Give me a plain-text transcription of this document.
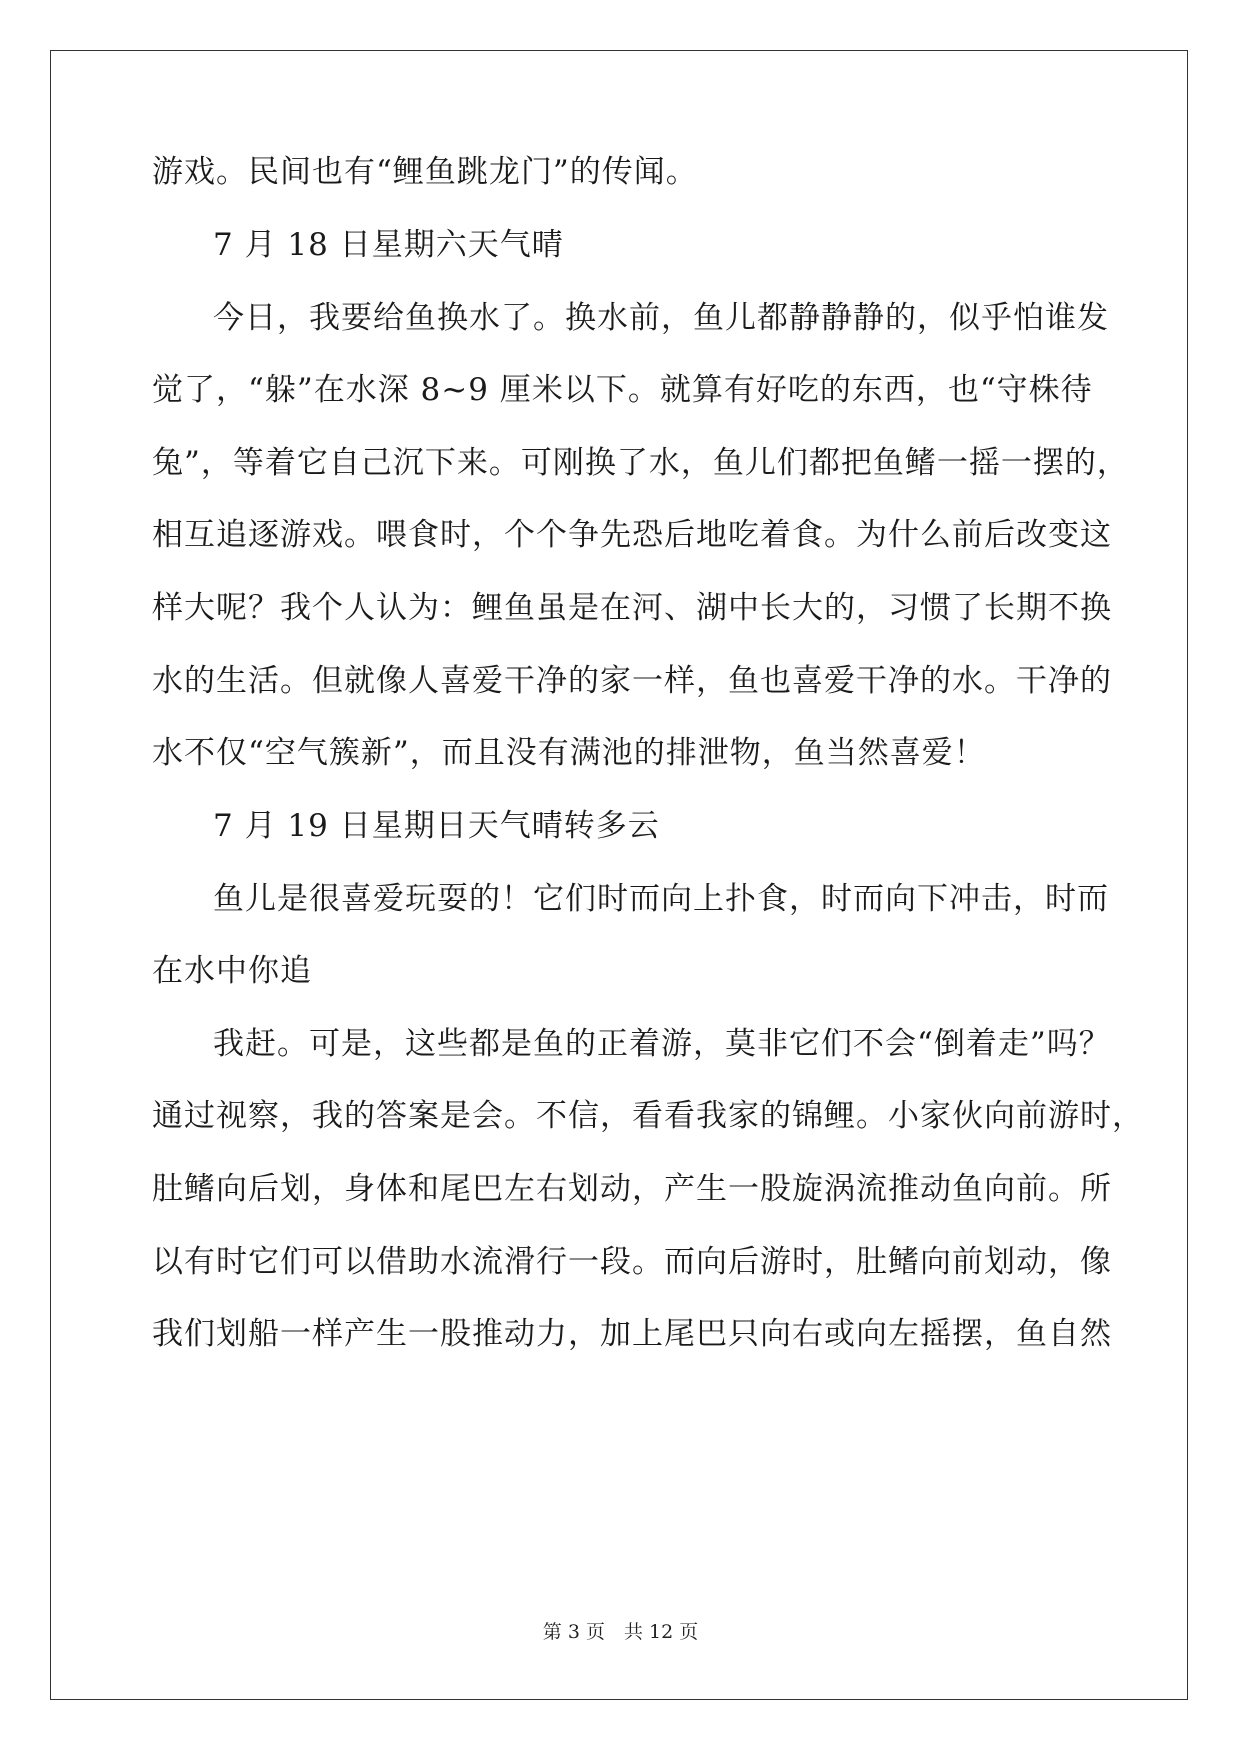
游戏。民间也有“鲤鱼跳龙门”的传闻。
7 月 18 日星期六天气晴
今日，我要给鱼换水了。换水前，鱼儿都静静静的，似乎怕谁发
觉了，“躲”在水深 8~9 厘米以下。就算有好吃的东西，也“守株待
兔”，等着它自己沉下来。可刚换了水，鱼儿们都把鱼鳍一摇一摆的，
相互追逐游戏。喂食时，个个争先恐后地吃着食。为什么前后改变这
样大呢？我个人认为：鲤鱼虽是在河、湖中长大的，习惯了长期不换
水的生活。但就像人喜爱干净的家一样，鱼也喜爱干净的水。干净的
水不仅“空气簇新”，而且没有满池的排泄物，鱼当然喜爱！
7 月 19 日星期日天气晴转多云
鱼儿是很喜爱玩耍的！它们时而向上扑食，时而向下冲击，时而
在水中你追
我赶。可是，这些都是鱼的正着游，莫非它们不会“倒着走”吗？
通过视察，我的答案是会。不信，看看我家的锦鲤。小家伙向前游时，
肚鳍向后划，身体和尾巴左右划动，产生一股旋涡流推动鱼向前。所
以有时它们可以借助水流滑行一段。而向后游时，肚鳍向前划动，像
我们划船一样产生一股推动力，加上尾巴只向右或向左摇摆，鱼自然
第 3 页　共 12 页
